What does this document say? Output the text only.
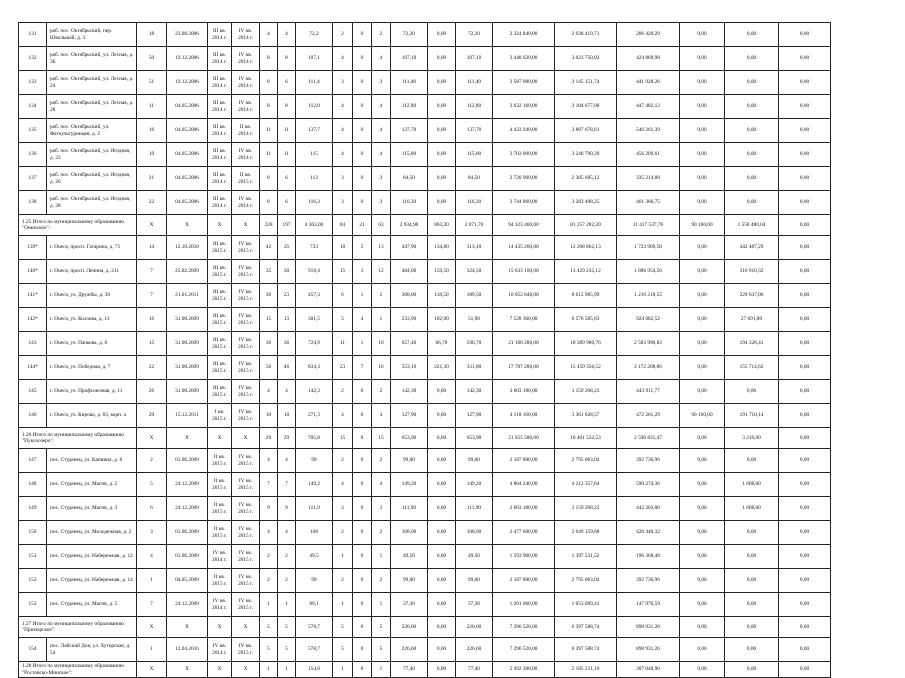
131	раб. пос. Октябрьский, пер. Школьный, д. 3	18	23.08.2006	III кв. 2014 г.	IV кв. 2014 г.	4	4	72,2	2	0	2	72,20	0,00	72,20	2 324 840,00	2 038 419,71	286 420,29	0,00	0,00	0,00
132	раб. пос. Октябрьский, ул. Лесная, д. 3Б	50	19.12.2006	III кв. 2014 г.	IV кв. 2014 г.	8	8	107,1	4	0	4	107,10	0,00	107,10	3 448 620,00	3 023 750,02	424 869,98	0,00	0,00	0,00
133	раб. пос. Октябрьский, ул. Лесная, д. 24	51	19.12.2006	III кв. 2014 г.	IV кв. 2014 г.	6	6	111,4	3	0	3	111,40	0,00	111,40	3 587 080,00	3 145 151,74	441 928,26	0,00	0,00	0,00
134	раб. пос. Октябрьский, ул. Лесная, д. 28	11	04.05.2006	III кв. 2014 г.	IV кв. 2014 г.	8	8	112,8	4	0	4	112,80	0,00	112,80	3 632 160,00	3 184 677,88	447 482,12	0,00	0,00	0,00
135	раб. пос. Октябрьский, ул. Фагкультуринцев, д. 2	16	04.05.2006	III кв. 2014 г.	II кв. 2014 г.	11	11	137,7	4	0	4	137,70	0,00	137,70	4 433 940,00	3 887 678,61	546 261,39	0,00	0,00	0,00
136	раб. пос. Октябрьский, ул. Ягодная, д. 23	19	04.05.2006	III кв. 2014 г.	IV кв. 2014 г.	11	11	115	4	0	4	115,00	0,00	115,00	3 703 000,00	3 246 790,39	456 209,61	0,00	0,00	0,00
137	раб. пос. Октябрьский, ул. Ягодная, д. 26	21	04.05.2006	III кв. 2014 г.	II кв. 2015 г.	6	6	113	3	0	3	84,50	0,00	84,50	2 720 900,00	2 385 685,12	335 214,88	0,00	0,00	0,00
138	раб. пос. Октябрьский, ул. Ягодная, д. 28	22	04.05.2006	III кв. 2014 г.	IV кв. 2014 г.	6	6	116,3	3	0	3	116,30	0,00	116,30	3 744 860,00	3 283 498,25	461 366,75	0,00	0,00	0,00
1.25 Итого по муниципальному образованию "Онежское":		X	X	X	X	228	197	4 363,00	84	21	63	2 934,90	863,20	2 071,70	94 323 460,00	81 257 282,20	11 417 537,76	90 160,00	1 558 480,04	0,00
139*	г. Онега, просп. Гагарина, д. 71	14	12.10.2010	III кв. 2015 г.	IV кв. 2015 г.	42	35	733	18	5	13	447,90	134,80	313,10	14 435 260,00	12 268 862,13	1 723 909,58	0,00	442 487,29	0,00
140*	г. Онега, просп. Ленина, д. 211	7	25.02.2009	III кв. 2015 г.	IV кв. 2015 г.	35	30	918,4	15	3	12	484,00	159,50	324,50	15 633 100,00	13 429 235,12	1 886 954,56	0,00	316 910,32	0,00
141*	г. Онега, ул. Дружбы, д. 39	7	21.01.2011	III кв. 2015 г.	IV кв. 2015 г.	30	23	457,3	6	1	5	308,00	118,50	189,50	10 052 840,00	8 612 985,99	1 210 218,55	0,00	229 637,06	0,00
142*	г. Онега, ул. Козлова, д. 13	16	31.08.2009	III кв. 2015 г.	IV кв. 2015 г.	15	13	301,5	5	4	1	233,90	182,00	51,90	7 528 360,00	6 576 585,83	924 082,52	0,00	27 691,80	0,00
143	г. Онега, ул. Пачкова, д. 8	15	31.08.2009	III кв. 2015 г.	IV кв. 2015 г.	36	36	724,9	11	1	10	657,40	66,70	590,70	21 168 280,00	18 389 980,76	2 583 990,83	0,00	194 328,41	0,00
144*	г. Онега, ул. Победная, д. 7	22	31.08.2009	III кв. 2015 г.	IV кв. 2015 г.	56	46	834,3	23	7	16	553,10	221,30	331,80	17 787 280,00	15 459 356,52	2 172 208,86	0,00	155 714,62	0,00
145	г. Онега, ул. Профсоюзная, д. 11	26	31.08.2009	III кв. 2015 г.	IV кв. 2015 г.	4	4	142,3	2	0	2	142,30	0,00	142,30	3 603 180,00	3 159 268,23	443 911,77	0,00	0,00	0,00
146	г. Онега, ул. Кирова, д. 83, корп. а	29	15.12.2011	I кв. 2015 г.	IV кв. 2015 г.	10	10	271,3	4	0	4	127,90	0,00	127,90	4 118 160,00	3 361 028,57	472 261,29	90 160,00	191 710,14	0,00
1.26 Итого по муниципальному образованию "Пуксоозеро":		X	X	X	X	29	29	705,8	15	0	15	653,90	0,00	653,90	21 055 580,00	18 461 532,53	2 590 831,47	0,00	3 216,00	0,00
147	пос. Студенец, ул. Капнина, д. 8	2	01.06.2009	II кв. 2015 г.	IV кв. 2015 г.	4	4	99	2	0	2	99,00	0,00	99,00	3 187 800,00	2 795 063,04	392 736,96	0,00	0,00	0,00
148	пос. Студенец, ул. Магия, д. 2	5	24.12.2009	II кв. 2015 г.	IV кв. 2015 г.	7	7	149,2	4	0	4	149,20	0,00	149,20	4 804 240,00	4 212 357,64	590 274,36	0,00	1 608,00	0,00
149	пос. Студенец, ул. Магия, д. 3	6	24.12.2009	II кв. 2015 г.	IV кв. 2015 г.	9	9	111,9	3	0	3	111,90	0,00	111,90	3 603 180,00	3 159 268,23	442 303,80	0,00	1 608,00	0,00
150	пос. Студенец, ул. Молодежная, д. 2	3	01.06.2009	II кв. 2015 г.	IV кв. 2015 г.	4	4	108	2	0	2	108,00	0,00	108,00	3 477 600,00	3 049 159,68	428 440,32	0,00	0,00	0,00
151	пос. Студенец, ул. Набережная, д. 12	4	01.06.2009	IV кв. 2014 г.	IV кв. 2015 г.	2	2	49,5	1	0	1	49,50	0,00	49,50	1 593 900,00	1 397 531,52	196 368,48	0,00	0,00	0,00
152	пос. Студенец, ул. Набережная, д. 14	1	04.05.2009	II кв. 2015 г.	IV кв. 2015 г.	2	2	99	2	0	2	99,00	0,00	99,00	3 187 800,00	2 795 063,04	392 736,96	0,00	0,00	0,00
153	пос. Студенец, ул. Магия, д. 5	7	24.12.2009	IV кв. 2014 г.	IV кв. 2015 г.	1	1	89,1	1	0	1	37,30	0,00	37,30	1 201 060,00	1 053 089,41	147 970,59	0,00	0,00	0,00
1.27 Итого по муниципальному образованию "Приморское":		X	X	X	X	5	5	578,7	5	0	5	226,60	0,00	226,60	7 296 520,00	6 397 588,74	898 931,26	0,00	0,00	0,00
154	пос. Лайский Док, ул. Хуторская, д. 54	1	12.04.2016	IV кв. 2014 г.	IV кв. 2015 г.	5	5	578,7	5	0	5	226,60	0,00	226,60	7 296 520,00	6 397 588,74	898 931,26	0,00	0,00	0,00
1.28 Итого по муниципальному образованию "Ростовско-Минское":		X	X	X	X	1	1	154,8	1	0	1	77,40	0,00	77,40	2 492 280,00	2 185 231,10	307 048,90	0,00	0,00	0,00
